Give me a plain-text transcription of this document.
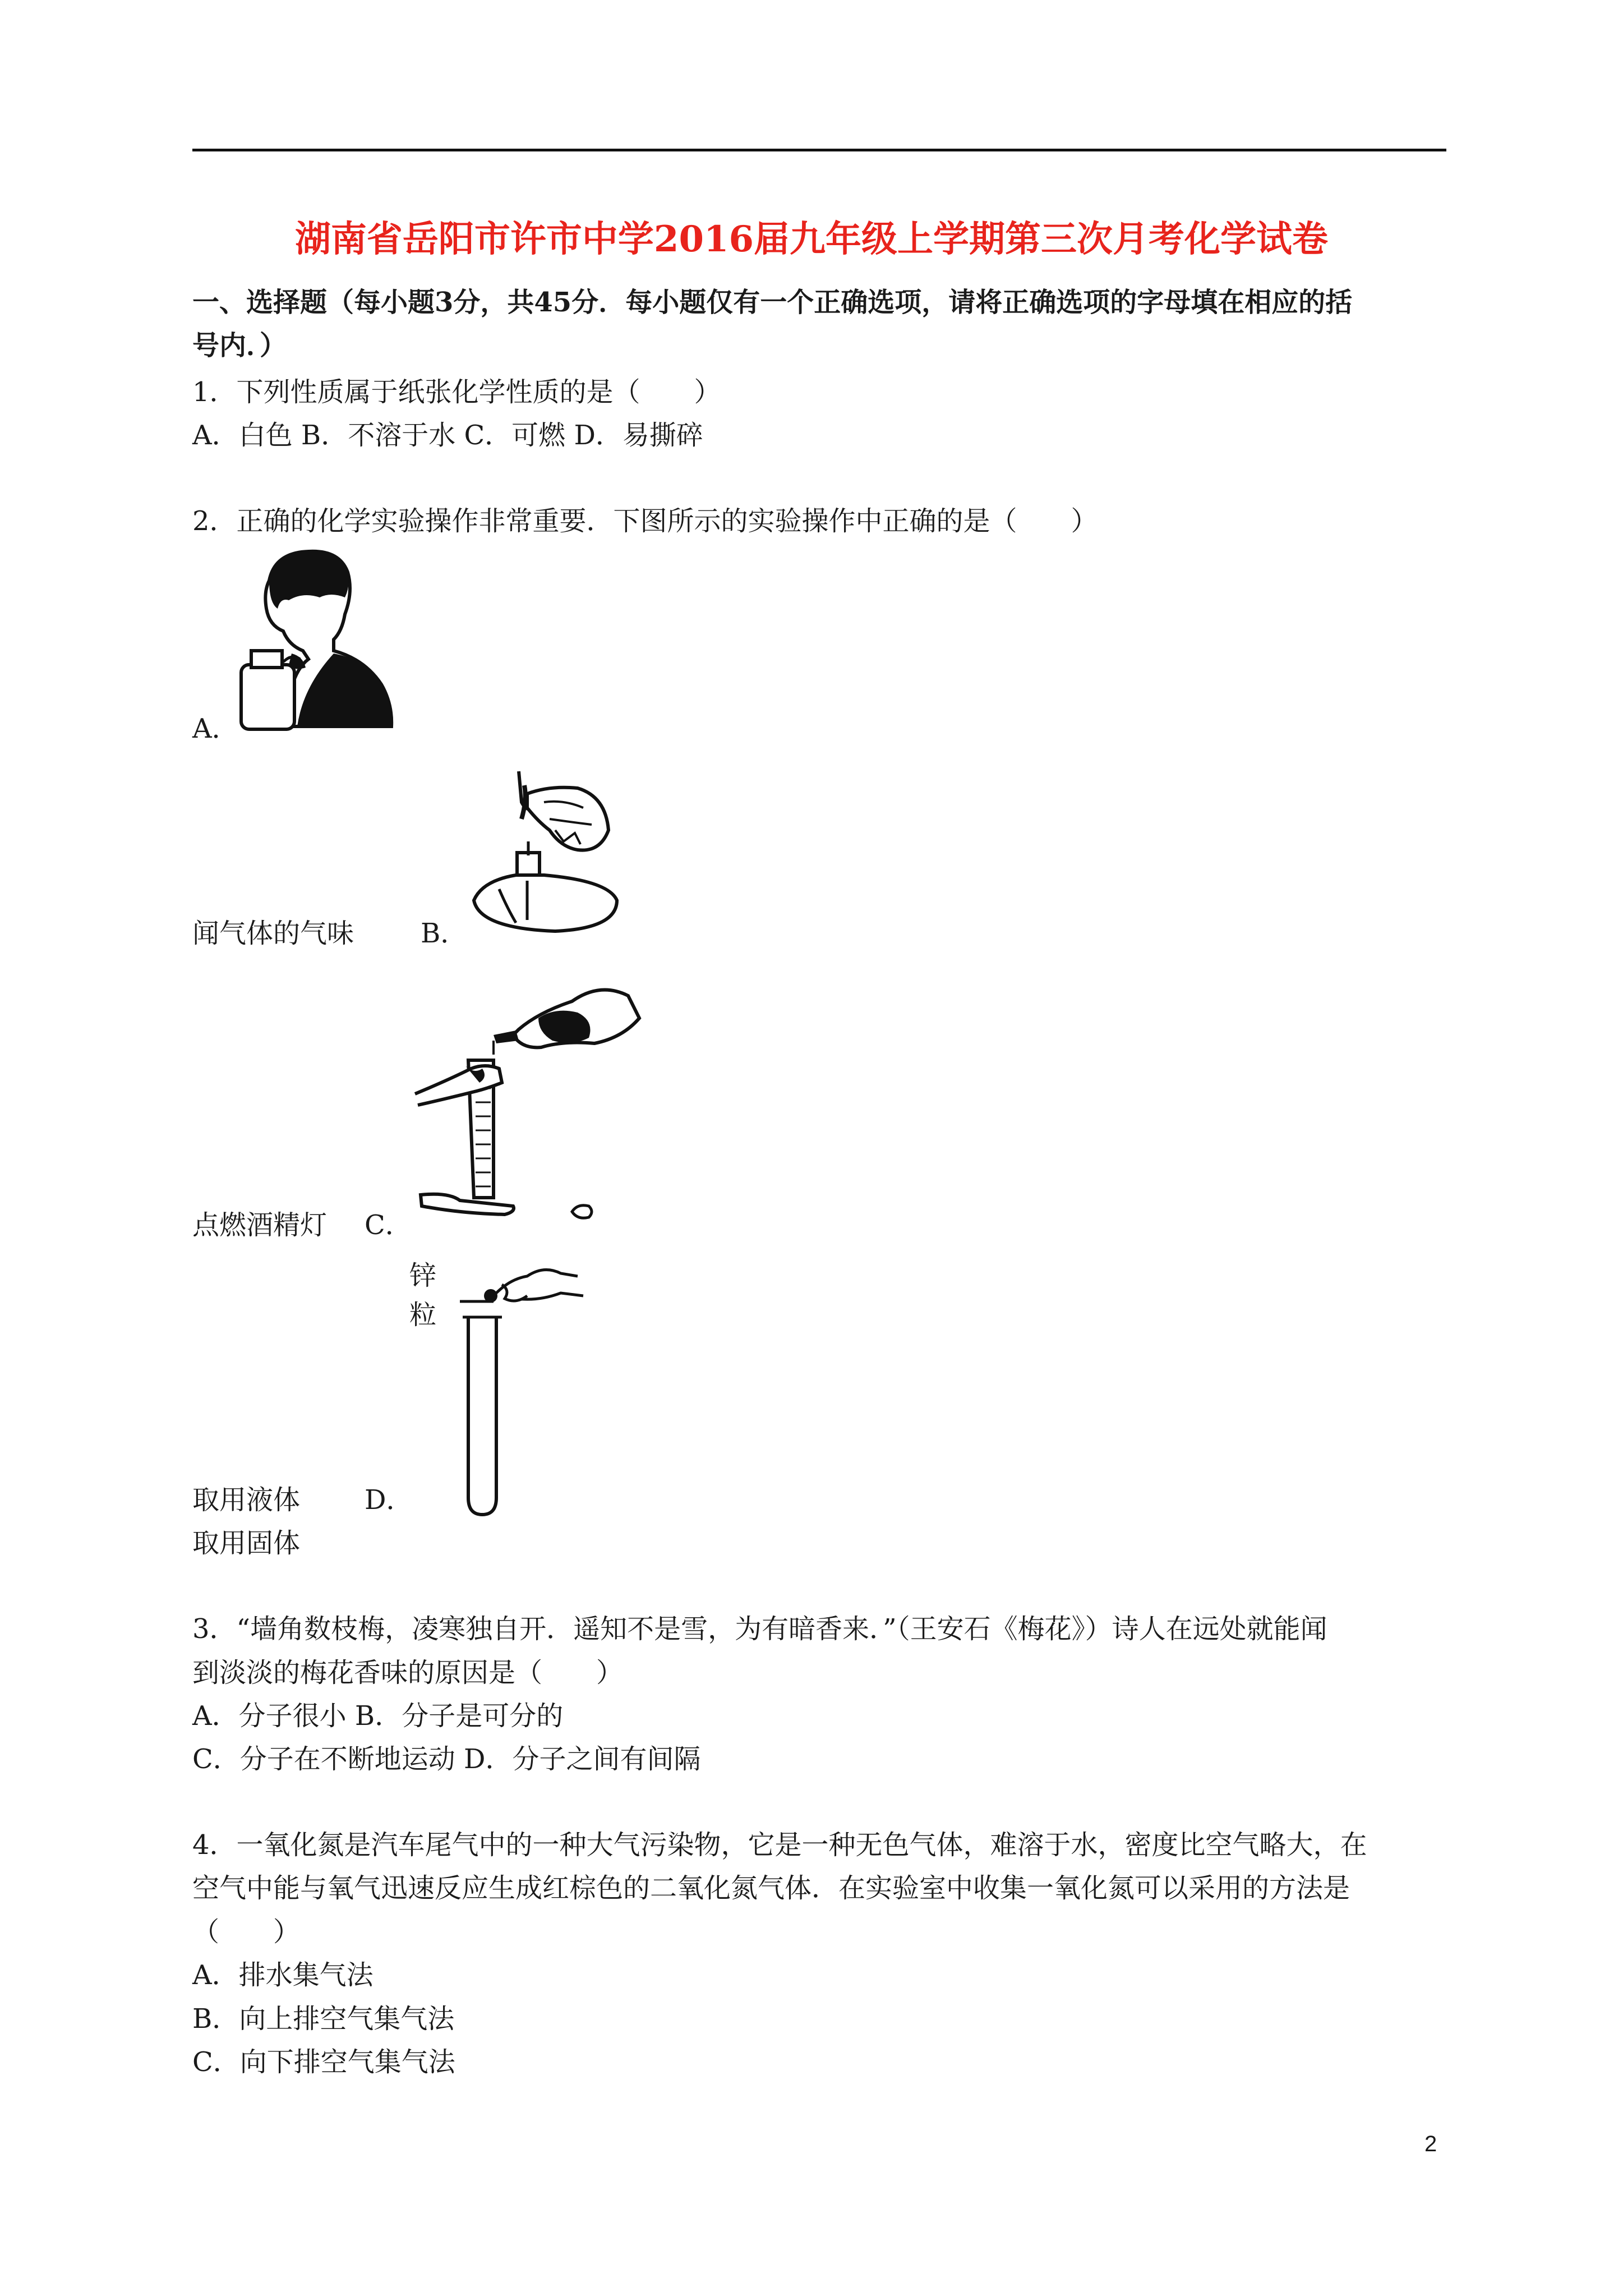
湖南省岳阳市许市中学2016届九年级上学期第三次月考化学试卷
一、选择题（每小题3分，共45分．每小题仅有一个正确选项，请将正确选项的字母填在相应的括
号内．）
1．下列性质属于纸张化学性质的是（　　）
A．白色 B．不溶于水 C．可燃 D．易撕碎
2．正确的化学实验操作非常重要．下图所示的实验操作中正确的是（　　）
A．
闻气体的气味 B．
点燃酒精灯 C．
锌
粒
取用液体 D．
取用固体
3．“墙角数枝梅，凌寒独自开．遥知不是雪，为有暗香来．”（王安石《梅花》）诗人在远处就能闻
到淡淡的梅花香味的原因是（　　）
A．分子很小 B．分子是可分的
C．分子在不断地运动 D．分子之间有间隔
4．一氧化氮是汽车尾气中的一种大气污染物，它是一种无色气体，难溶于水，密度比空气略大，在
空气中能与氧气迅速反应生成红棕色的二氧化氮气体．在实验室中收集一氧化氮可以采用的方法是
（　　）
A．排水集气法
B．向上排空气集气法
C．向下排空气集气法
2
